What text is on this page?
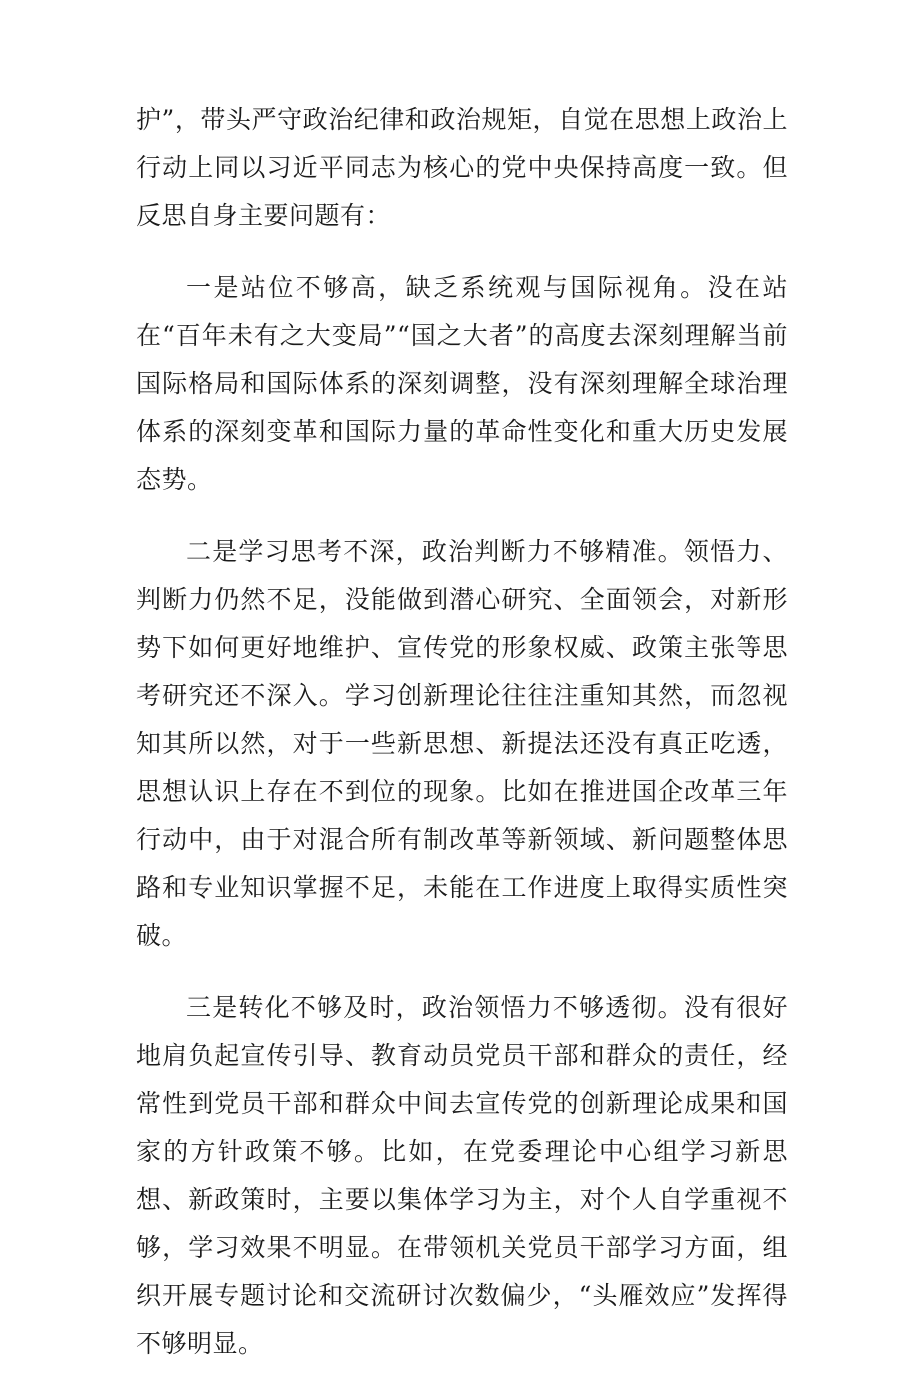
护”，带头严守政治纪律和政治规矩，自觉在思想上政治上行动上同以习近平同志为核心的党中央保持高度一致。但反思自身主要问题有：

一是站位不够高，缺乏系统观与国际视角。没在站在“百年未有之大变局”“国之大者”的高度去深刻理解当前国际格局和国际体系的深刻调整，没有深刻理解全球治理体系的深刻变革和国际力量的革命性变化和重大历史发展态势。

二是学习思考不深，政治判断力不够精准。领悟力、判断力仍然不足，没能做到潜心研究、全面领会，对新形势下如何更好地维护、宣传党的形象权威、政策主张等思考研究还不深入。学习创新理论往往注重知其然，而忽视知其所以然，对于一些新思想、新提法还没有真正吃透，思想认识上存在不到位的现象。比如在推进国企改革三年行动中，由于对混合所有制改革等新领域、新问题整体思路和专业知识掌握不足，未能在工作进度上取得实质性突破。

三是转化不够及时，政治领悟力不够透彻。没有很好地肩负起宣传引导、教育动员党员干部和群众的责任，经常性到党员干部和群众中间去宣传党的创新理论成果和国家的方针政策不够。比如，在党委理论中心组学习新思想、新政策时，主要以集体学习为主，对个人自学重视不够，学习效果不明显。在带领机关党员干部学习方面，组织开展专题讨论和交流研讨次数偏少，“头雁效应”发挥得不够明显。
